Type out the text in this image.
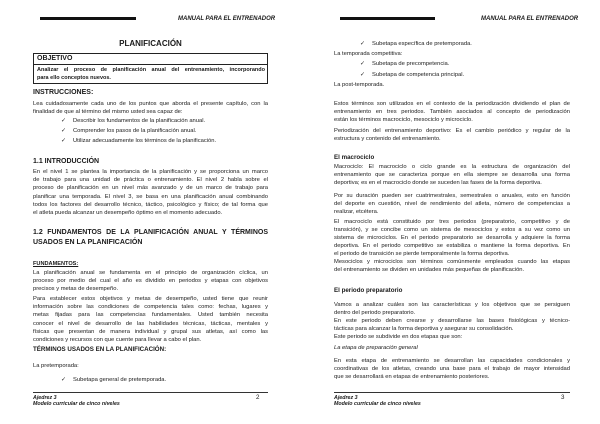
MANUAL PARA EL ENTRENADOR
PLANIFICACIÓN
OBJETIVO
Analizar el proceso de planificación anual del entrenamiento, incorporando
para ello conceptos nuevos.
INSTRUCCIONES:
Lea cuidadosamente cada uno de los puntos que aborda el presente capítulo, con la
finalidad de que al término del mismo usted sea capaz de:
✓Describir los fundamentos de la planificación anual.
✓Comprender los pasos de la planificación anual.
✓Utilizar adecuadamente los términos de la planificación.
1.1 INTRODUCCIÓN
En el nivel 1 se plantea la importancia de la planificación y se proporciona un marco
de trabajo para una unidad de práctica o entrenamiento. El nivel 2 habla sobre el
proceso de planificación en un nivel más avanzado y de un marco de trabajo para
planificar una temporada. El nivel 3, se basa en una planificación anual combinando
todos los factores del desarrollo técnico, táctico, psicológico y físico; de tal forma que
el atleta pueda alcanzar un desempeño óptimo en el momento adecuado.
1.2 FUNDAMENTOS DE LA PLANIFICACIÓN ANUAL Y TÉRMINOS
USADOS EN LA PLANIFICACIÓN
FUNDAMENTOS:
La planificación anual se fundamenta en el principio de organización cíclica, un
proceso por medio del cual el año es dividido en periodos y etapas con objetivos
precisos y metas de desempeño.
Para establecer estos objetivos y metas de desempeño, usted tiene que reunir
información sobre las condiciones de competencia tales como: fechas, lugares y
metas fijadas para las competencias fundamentales. Usted también necesita
conocer el nivel de desarrollo de las habilidades técnicas, tácticas, mentales y
físicas que presentan de manera individual y grupal sus atletas, así como las
condiciones y recursos con que cuente para llevar a cabo el plan.
TÉRMINOS USADOS EN LA PLANIFICACIÓN:
La pretemporada:
✓Subetapa general de pretemporada.
Ajedrez 3
Modelo curricular de cinco niveles
2
MANUAL PARA EL ENTRENADOR
✓Subetapa específica de pretemporada.
La temporada competitiva:
✓Subetapa de precompetencia.
✓Subetapa de competencia principal.
La post-temporada.
Estos términos son utilizados en el contexto de la periodización dividiendo el plan de
entrenamiento en tres periodos. También asociados al concepto de periodización
están los términos macrociclo, mesociclo y microciclo.
Periodización del entrenamiento deportivo: Es el cambio periódico y regular de la
estructura y contenido del entrenamiento.
El macrociclo
Macrociclo: El macrociclo o ciclo grande es la estructura de organización del
entrenamiento que se caracteriza porque en ella siempre se desarrolla una forma
deportiva; es en el macrociclo donde se suceden las fases de la forma deportiva.
Por su duración pueden ser cuatrimestrales, semestrales o anuales, esto en función
del deporte en cuestión, nivel de rendimiento del atleta, número de competencias a
realizar, etcétera.
El macrociclo está constituido por tres periodos (preparatorio, competitivo y de
transición), y se concibe como un sistema de mesociclos y estos a su vez como un
sistema de microciclos. En el periodo preparatorio se desarrolla y adquiere la forma
deportiva. En el periodo competitivo se estabiliza o mantiene la forma deportiva. En
el periodo de transición se pierde temporalmente la forma deportiva.
Mesociclos y microciclos son términos comúnmente empleados cuando las etapas
del entrenamiento se dividen en unidades más pequeñas de planificación.
El periodo preparatorio
Vamos a analizar cuáles son las características y los objetivos que se persiguen
dentro del periodo preparatorio.
En este periodo deben crearse y desarrollarse las bases fisiológicas y técnico-
tácticas para alcanzar la forma deportiva y asegurar su consolidación.
Este periodo se subdivide en dos etapas que son:
La etapa de preparación general
En esta etapa de entrenamiento se desarrollan las capacidades condicionales y
coordinativas de los atletas, creando una base para el trabajo de mayor intensidad
que se desarrollará en etapas de entrenamiento posteriores.
Ajedrez 3
Modelo curricular de cinco niveles
3
